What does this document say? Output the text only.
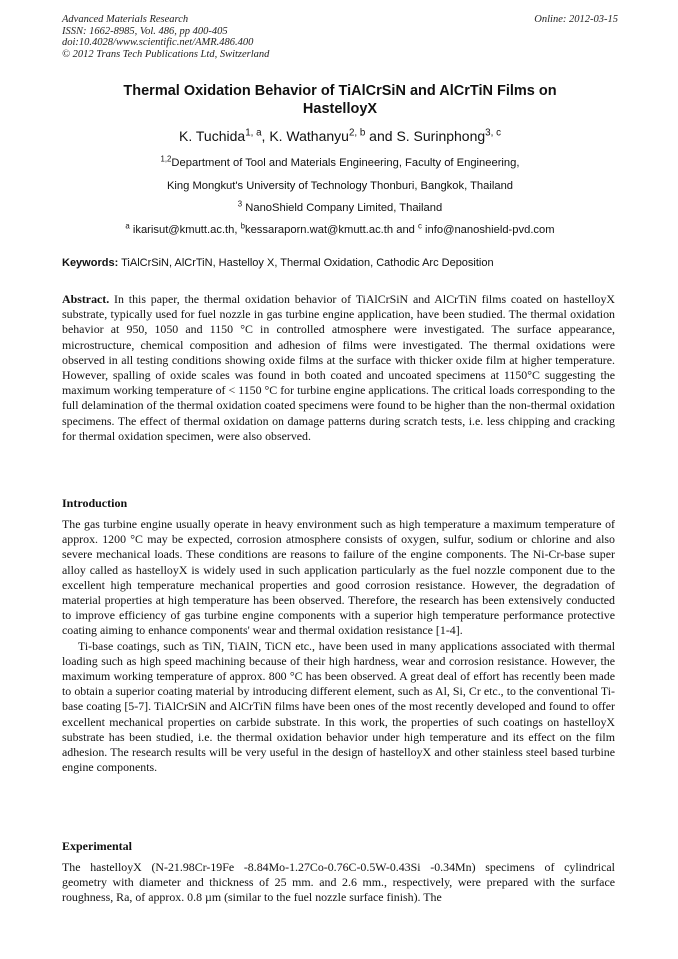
Advanced Materials Research
ISSN: 1662-8985, Vol. 486, pp 400-405
doi:10.4028/www.scientific.net/AMR.486.400
© 2012 Trans Tech Publications Ltd, Switzerland
Online: 2012-03-15
Thermal Oxidation Behavior of TiAlCrSiN and AlCrTiN Films on
HastelloyX
K. Tuchida$^{1, a}$, K. Wathanyu$^{2, b}$ and S. Surinphong$^{3, c}$
$^{1,2}$Department of Tool and Materials Engineering, Faculty of Engineering,
King Mongkut's University of Technology Thonburi, Bangkok, Thailand
$^3$ NanoShield Company Limited, Thailand
$^a$ ikarisut@kmutt.ac.th, $^b$kessaraporn.wat@kmutt.ac.th and $^c$ info@nanoshield-pvd.com
Keywords: TiAlCrSiN, AlCrTiN, Hastelloy X, Thermal Oxidation, Cathodic Arc Deposition

Abstract. In this paper, the thermal oxidation behavior of TiAlCrSiN and AlCrTiN films coated on hastelloyX substrate, typically used for fuel nozzle in gas turbine engine application, have been studied. The thermal oxidation behavior at 950, 1050 and 1150 °C in controlled atmosphere were investigated. The surface appearance, microstructure, chemical composition and adhesion of films were investigated. The thermal oxidations were observed in all testing conditions showing oxide films at the surface with thicker oxide film at higher temperature. However, spalling of oxide scales was found in both coated and uncoated specimens at 1150°C suggesting the maximum working temperature of < 1150 °C for turbine engine applications. The critical loads corresponding to the full delamination of the thermal oxidation coated specimens were found to be higher than the non-thermal oxidation specimens. The effect of thermal oxidation on damage patterns during scratch tests, i.e. less chipping and cracking for thermal oxidation specimen, were also observed.

Introduction

The gas turbine engine usually operate in heavy environment such as high temperature a maximum temperature of approx. 1200 °C may be expected, corrosion atmosphere consists of oxygen, sulfur, sodium or chlorine and also severe mechanical loads. These conditions are reasons to failure of the engine components. The Ni-Cr-base super alloy called as hastelloyX is widely used in such application particularly as the fuel nozzle component due to the excellent high temperature mechanical properties and good corrosion resistance. However, the degradation of material properties at high temperature has been observed. Therefore, the research has been extensively conducted to improve efficiency of gas turbine engine components with a superior high temperature performance protective coating aiming to enhance components' wear and thermal oxidation resistance [1-4].

Ti-base coatings, such as TiN, TiAlN, TiCN etc., have been used in many applications associated with thermal loading such as high speed machining because of their high hardness, wear and corrosion resistance. However, the maximum working temperature of approx. 800 °C has been observed. A great deal of effort has recently been made to obtain a superior coating material by introducing different element, such as Al, Si, Cr etc., to the conventional Ti-base coating [5-7]. TiAlCrSiN and AlCrTiN films have been ones of the most recently developed and found to offer excellent mechanical properties on carbide substrate. In this work, the properties of such coatings on hastelloyX substrate has been studied, i.e. the thermal oxidation behavior under high temperature and its effect on the film adhesion. The research results will be very useful in the design of hastelloyX and other stainless steel based turbine engine components.

Experimental
The hastelloyX (N-21.98Cr-19Fe -8.84Mo-1.27Co-0.76C-0.5W-0.43Si -0.34Mn) specimens of cylindrical geometry with diameter and thickness of 25 mm. and 2.6 mm., respectively, were prepared with the surface roughness, Ra, of approx. 0.8 µm (similar to the fuel nozzle surface finish). The
